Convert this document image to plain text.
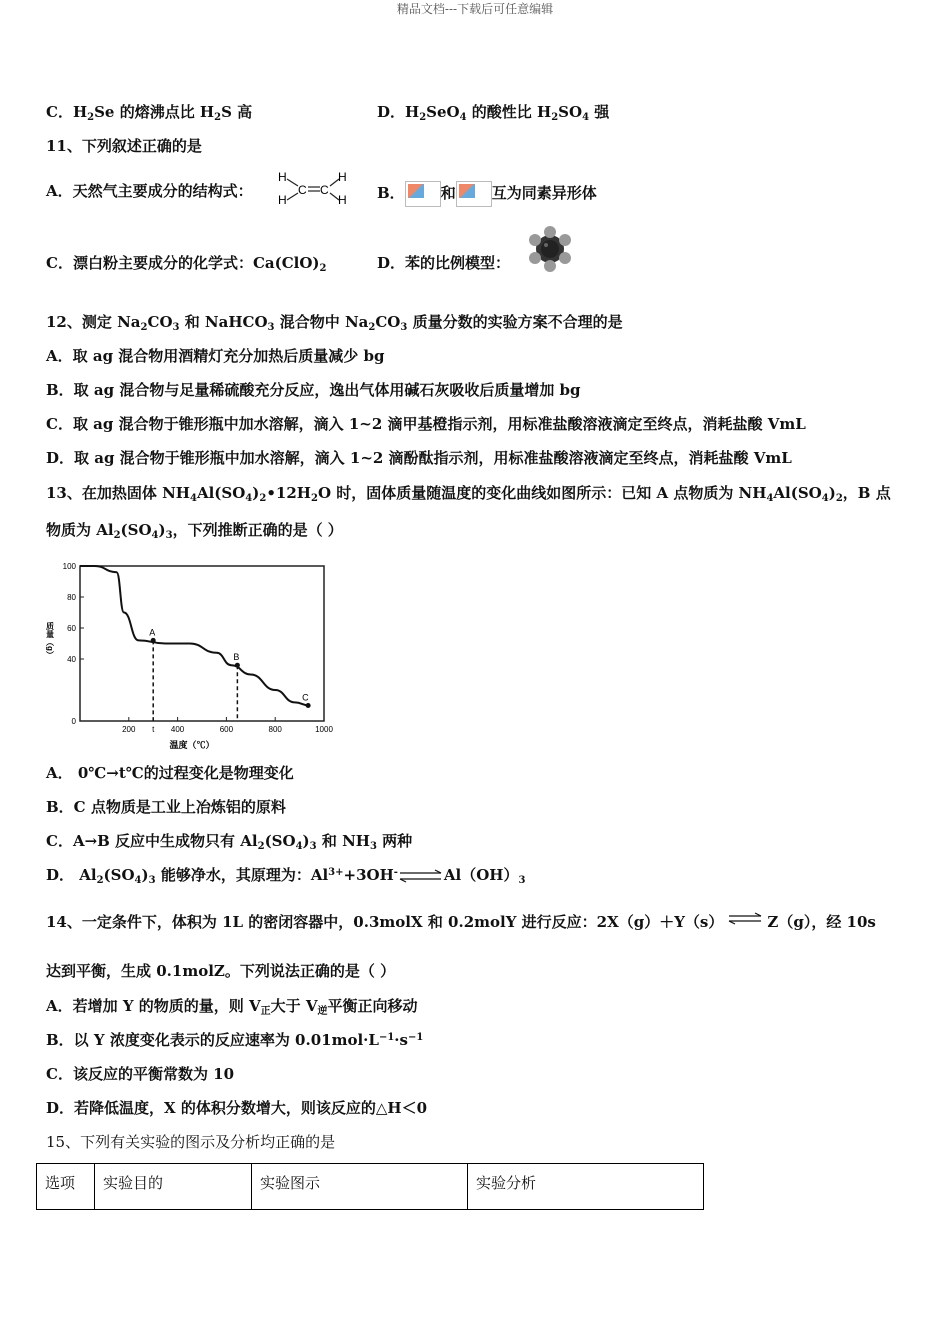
精品文档---下载后可任意编辑
C．$H_2Se$ 的熔沸点比 $H_2S$ 高	D．$H_2SeO_4$ 的酸性比 $H_2SO_4$ 强
11、下列叙述正确的是
A．天然气主要成分的结构式：
H
H
C C
H
H B． 和 互为同素异形体
C．漂白粉主要成分的化学式：$Ca(ClO)_2$	D．苯的比例模型：
12、测定 $Na_2CO_3$ 和 NaHCO$_3$ 混合物中 $Na_2CO_3$ 质量分数的实验方案不合理的是
A．取 ag 混合物用酒精灯充分加热后质量减少 bg
B．取 ag 混合物与足量稀硫酸充分反应，逸出气体用碱石灰吸收后质量增加 bg
C．取 ag 混合物于锥形瓶中加水溶解，滴入 1~2 滴甲基橙指示剂，用标准盐酸溶液滴定至终点，消耗盐酸 VmL
D．取 ag 混合物于锥形瓶中加水溶解，滴入 1~2 滴酚酞指示剂，用标准盐酸溶液滴定至终点，消耗盐酸 VmL
13、在加热固体 $NH_4Al(SO_4)_2•12H_2O$ 时，固体质量随温度的变化曲线如图所示：已知 A 点物质为 $NH_4Al(SO_4)_2$，B 点
物质为 $Al_2(SO_4)_3$，下列推断正确的是（ ）
100
80
60
40
0
200 t 400	600	800	1000
温度（℃）
质量（g）	A
B
C
A． 0℃→t℃的过程变化是物理变化
B．C 点物质是工业上冶炼铝的原料
C．A→B 反应中生成物只有 $Al_2(SO_4)_3$ 和 $NH_3$ 两种
D． $Al_2(SO_4)_3$ 能够净水，其原理为：$Al^{3+}+3OH^-\rightleftharpoons Al(OH)_3$
14、一定条件下，体积为 1L 的密闭容器中，0.3molX 和 0.2molY 进行反应：2X（g）＋Y（s） ⇌ Z（g），经 10s
达到平衡，生成 0.1molZ。下列说法正确的是（ ）
A．若增加 Y 的物质的量，则 $V_正$大于 $V_逆$平衡正向移动
B．以 Y 浓度变化表示的反应速率为 $0.01mol\cdot L^{-1}\cdot s^{-1}$
C．该反应的平衡常数为 10
D．若降低温度，X 的体积分数增大，则该反应的△H＜0
15、下列有关实验的图示及分析均正确的是
选项	实验目的	实验图示	实验分析
